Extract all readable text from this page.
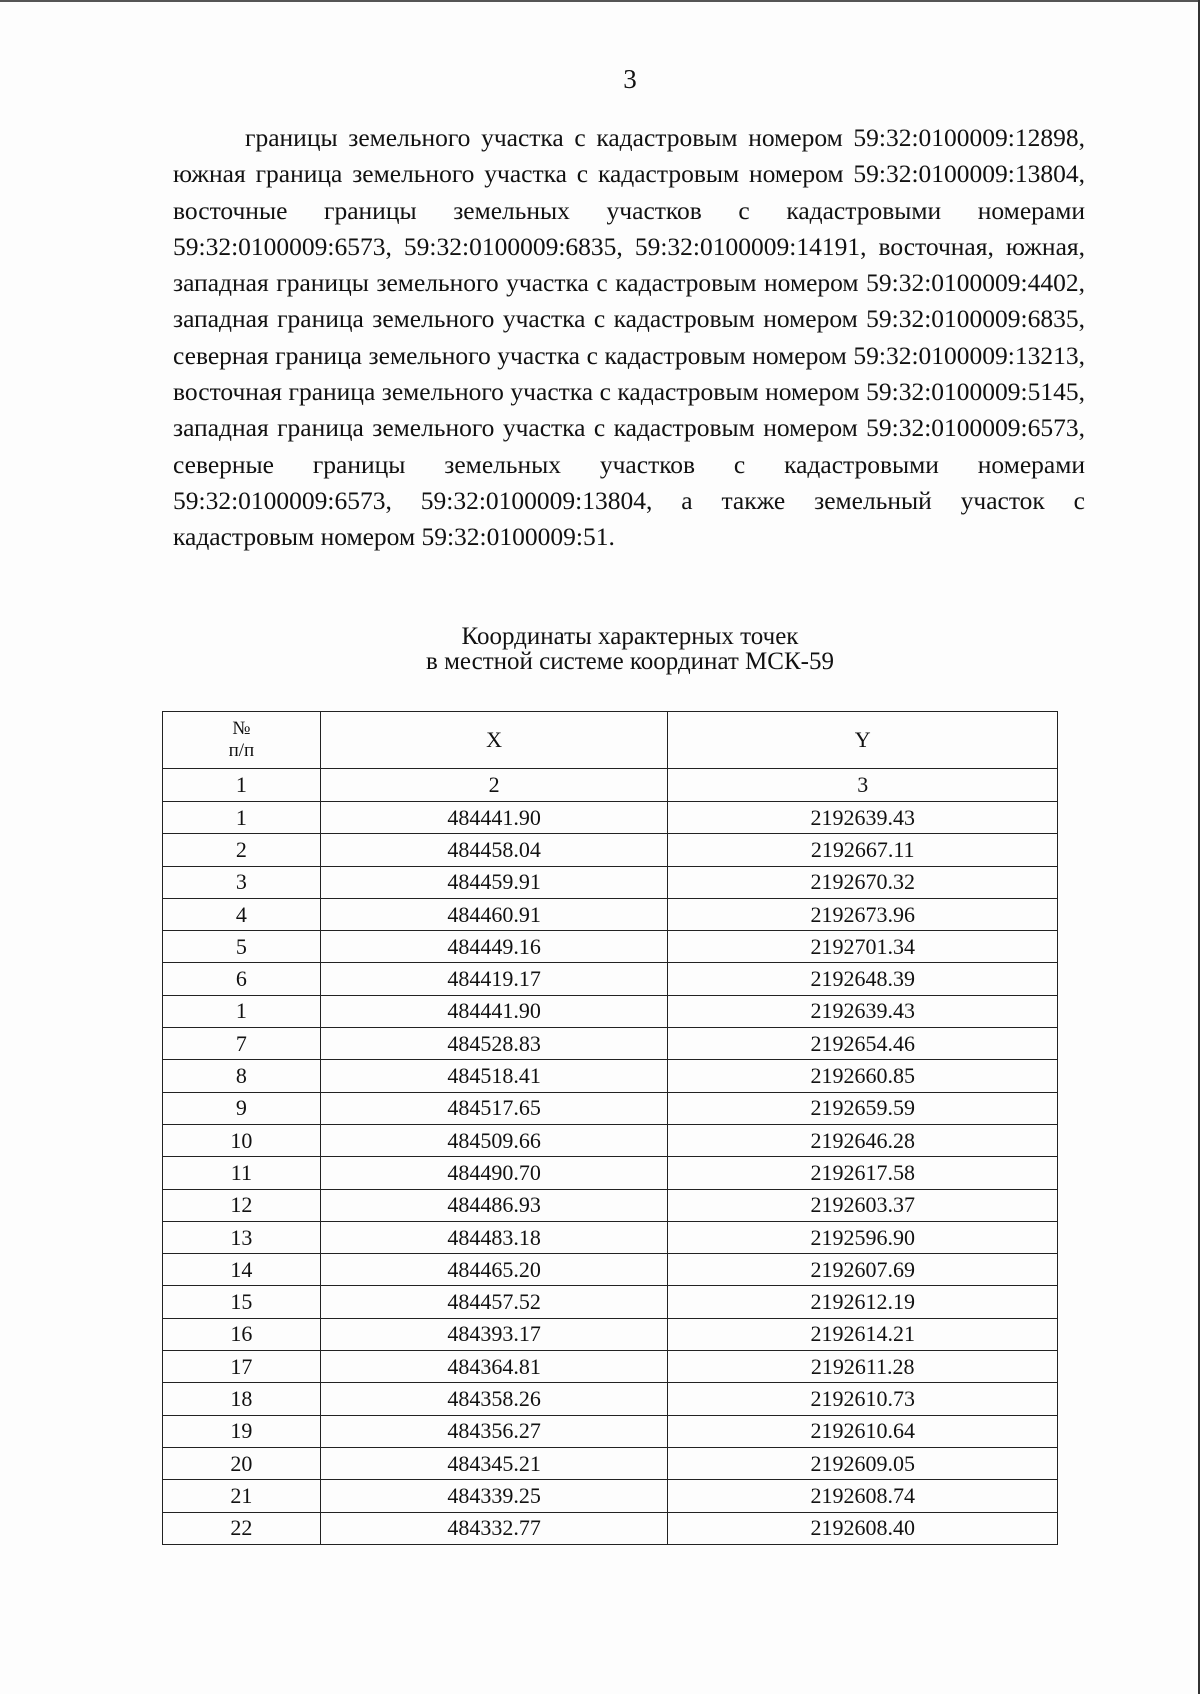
3

границы земельного участка с кадастровым номером 59:32:0100009:12898, южная граница земельного участка с кадастровым номером 59:32:0100009:13804, восточные границы земельных участков с кадастровыми номерами 59:32:0100009:6573, 59:32:0100009:6835, 59:32:0100009:14191, восточная, южная, западная границы земельного участка с кадастровым номером 59:32:0100009:4402, западная граница земельного участка с кадастровым номером 59:32:0100009:6835, северная граница земельного участка с кадастровым номером 59:32:0100009:13213, восточная граница земельного участка с кадастровым номером 59:32:0100009:5145, западная граница земельного участка с кадастровым номером 59:32:0100009:6573, северные границы земельных участков с кадастровыми номерами 59:32:0100009:6573, 59:32:0100009:13804, а также земельный участок с кадастровым номером 59:32:0100009:51.

Координаты характерных точек
в местной системе координат МСК-59
№
п/п	X	Y
1	2	3
1	484441.90	2192639.43
2	484458.04	2192667.11
3	484459.91	2192670.32
4	484460.91	2192673.96
5	484449.16	2192701.34
6	484419.17	2192648.39
1	484441.90	2192639.43
7	484528.83	2192654.46
8	484518.41	2192660.85
9	484517.65	2192659.59
10	484509.66	2192646.28
11	484490.70	2192617.58
12	484486.93	2192603.37
13	484483.18	2192596.90
14	484465.20	2192607.69
15	484457.52	2192612.19
16	484393.17	2192614.21
17	484364.81	2192611.28
18	484358.26	2192610.73
19	484356.27	2192610.64
20	484345.21	2192609.05
21	484339.25	2192608.74
22	484332.77	2192608.40
